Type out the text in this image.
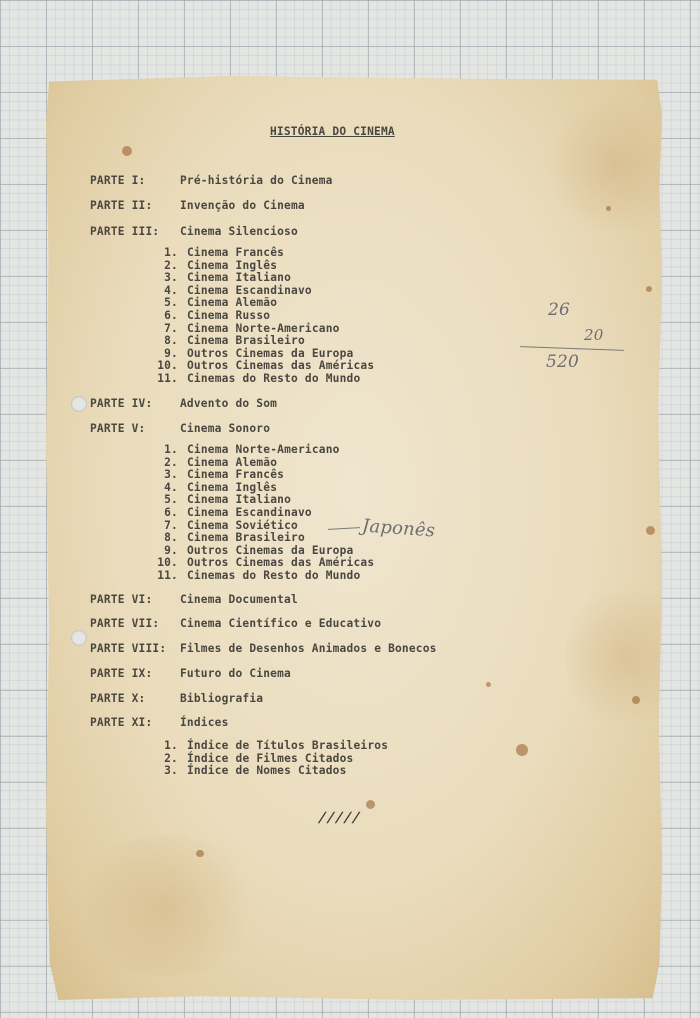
HISTÓRIA DO CINEMA
PARTE I:	Pré-história do Cinema
PARTE II: Invenção do Cinema
PARTE III: Cinema Silencioso
1. Cinema Francês
2. Cinema Inglês
3. Cinema Italiano
4. Cinema Escandinavo
5. Cinema Alemão
6. Cinema Russo
7. Cinema Norte-Americano
8. Cinema Brasileiro
9. Outros Cinemas da Europa
10. Outros Cinemas das Américas
11. Cinemas do Resto do Mundo
PARTE IV: Advento do Som
PARTE V:	Cinema Sonoro
1. Cinema Norte-Americano
2. Cinema Alemão
3. Cinema Francês
4. Cinema Inglês
5. Cinema Italiano
6. Cinema Escandinavo
7. Cinema Soviético
8. Cinema Brasileiro
9. Outros Cinemas da Europa
10. Outros Cinemas das Américas
11. Cinemas do Resto do Mundo
PARTE VI: Cinema Documental
PARTE VII: Cinema Científico e Educativo
PARTE VIII: Filmes de Desenhos Animados e Bonecos
PARTE IX: Futuro do Cinema
PARTE X:	Bibliografia
PARTE XI: Índices
1. Índice de Títulos Brasileiros
2. Índice de Filmes Citados
3. Índice de Nomes Citados
/////
26
20
520
Japonês
